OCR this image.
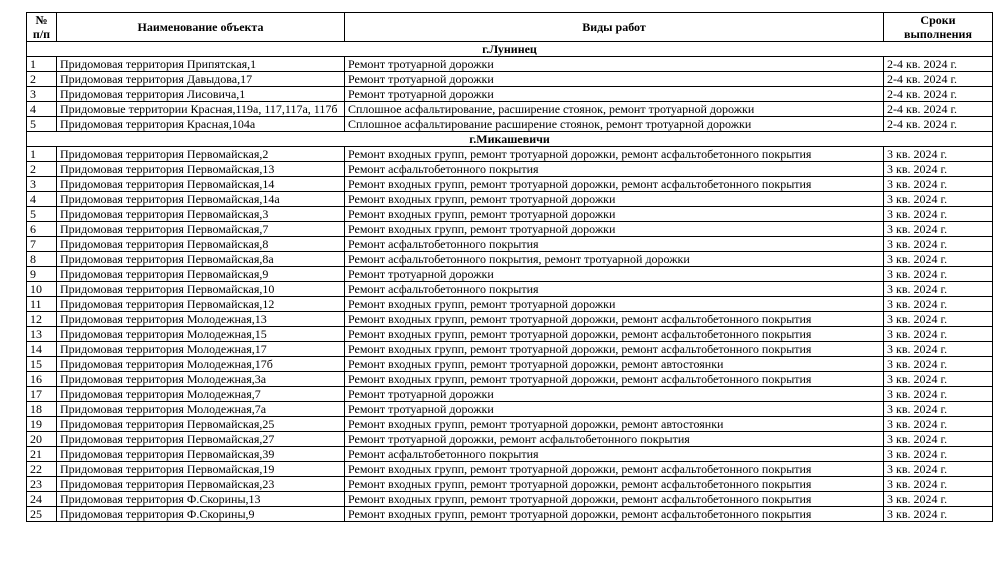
№ п/п	Наименование объекта	Виды работ	Сроки выполнения
г.Лунинец			
1	Придомовая территория Припятская,1	Ремонт тротуарной дорожки	2-4 кв. 2024 г.
2	Придомовая территория Давыдова,17	Ремонт тротуарной дорожки	2-4 кв. 2024 г.
3	Придомовая территория Лисовича,1	Ремонт тротуарной дорожки	2-4 кв. 2024 г.
4	Придомовые территории Красная,119а, 117,117а, 117б	Сплошное асфальтирование, расширение стоянок, ремонт тротуарной дорожки	2-4 кв. 2024 г.
5	Придомовая территория Красная,104а	Сплошное асфальтирование расширение стоянок, ремонт тротуарной дорожки	2-4 кв. 2024 г.
г.Микашевичи			
1	Придомовая территория Первомайская,2	Ремонт входных групп, ремонт тротуарной дорожки, ремонт асфальтобетонного покрытия	3 кв. 2024 г.
2	Придомовая территория Первомайская,13	Ремонт асфальтобетонного покрытия	3 кв. 2024 г.
3	Придомовая территория Первомайская,14	Ремонт входных групп, ремонт тротуарной дорожки, ремонт асфальтобетонного покрытия	3 кв. 2024 г.
4	Придомовая территория Первомайская,14а	Ремонт входных групп, ремонт тротуарной дорожки	3 кв. 2024 г.
5	Придомовая территория Первомайская,3	Ремонт входных групп, ремонт тротуарной дорожки	3 кв. 2024 г.
6	Придомовая территория Первомайская,7	Ремонт входных групп, ремонт тротуарной дорожки	3 кв. 2024 г.
7	Придомовая территория Первомайская,8	Ремонт асфальтобетонного покрытия	3 кв. 2024 г.
8	Придомовая территория Первомайская,8а	Ремонт асфальтобетонного покрытия, ремонт тротуарной дорожки	3 кв. 2024 г.
9	Придомовая территория Первомайская,9	Ремонт тротуарной дорожки	3 кв. 2024 г.
10	Придомовая территория Первомайская,10	Ремонт асфальтобетонного покрытия	3 кв. 2024 г.
11	Придомовая территория Первомайская,12	Ремонт входных групп, ремонт тротуарной дорожки	3 кв. 2024 г.
12	Придомовая территория Молодежная,13	Ремонт входных групп, ремонт тротуарной дорожки, ремонт асфальтобетонного покрытия	3 кв. 2024 г.
13	Придомовая территория Молодежная,15	Ремонт входных групп, ремонт тротуарной дорожки, ремонт асфальтобетонного покрытия	3 кв. 2024 г.
14	Придомовая территория Молодежная,17	Ремонт входных групп, ремонт тротуарной дорожки, ремонт асфальтобетонного покрытия	3 кв. 2024 г.
15	Придомовая территория Молодежная,17б	Ремонт входных групп, ремонт тротуарной дорожки, ремонт автостоянки	3 кв. 2024 г.
16	Придомовая территория Молодежная,3а	Ремонт входных групп, ремонт тротуарной дорожки, ремонт асфальтобетонного покрытия	3 кв. 2024 г.
17	Придомовая территория Молодежная,7	Ремонт тротуарной дорожки	3 кв. 2024 г.
18	Придомовая территория Молодежная,7а	Ремонт тротуарной дорожки	3 кв. 2024 г.
19	Придомовая территория Первомайская,25	Ремонт входных групп, ремонт тротуарной дорожки, ремонт автостоянки	3 кв. 2024 г.
20	Придомовая территория Первомайская,27	Ремонт тротуарной дорожки, ремонт асфальтобетонного покрытия	3 кв. 2024 г.
21	Придомовая территория Первомайская,39	Ремонт асфальтобетонного покрытия	3 кв. 2024 г.
22	Придомовая территория Первомайская,19	Ремонт входных групп, ремонт тротуарной дорожки, ремонт асфальтобетонного покрытия	3 кв. 2024 г.
23	Придомовая территория Первомайская,23	Ремонт входных групп, ремонт тротуарной дорожки, ремонт асфальтобетонного покрытия	3 кв. 2024 г.
24	Придомовая территория Ф.Скорины,13	Ремонт входных групп, ремонт тротуарной дорожки, ремонт асфальтобетонного покрытия	3 кв. 2024 г.
25	Придомовая территория Ф.Скорины,9	Ремонт входных групп, ремонт тротуарной дорожки, ремонт асфальтобетонного покрытия	3 кв. 2024 г.
